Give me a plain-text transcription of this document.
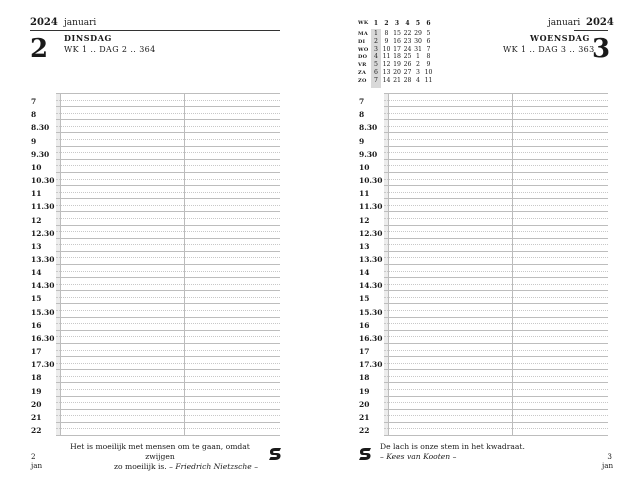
2024 januari
2 DINSDAG
WK 1 .. DAG 2 .. 364
7
8
8.30
9
9.30
10
10.30
11
11.30
12
12.30
13
13.30
14
14.30
15
15.30
16
16.30
17
17.30
18
19
20
21
22
Het is moeilijk met mensen om te gaan, omdat zwijgen
zo moeilijk is. – Friedrich Nietzsche –
2
jan
WK
MA
DI
WO
DO
VR
ZA
ZO
1
1
2
3
4
5
6
7
2
8
9
10
11
12
13
14
3
15
16
17
18
19
20
21
4
22
23
24
25
26
27
28
5
29
30
31
1
2
3
4
6
5
6
7
8
9
10
11
januari 2024
WOENSDAG
WK 1 .. DAG 3 .. 363
3
7
8
8.30
9
9.30
10
10.30
11
11.30
12
12.30
13
13.30
14
14.30
15
15.30
16
16.30
17
17.30
18
19
20
21
22
De lach is onze stem in het kwadraat.
– Kees van Kooten –	3
jan
